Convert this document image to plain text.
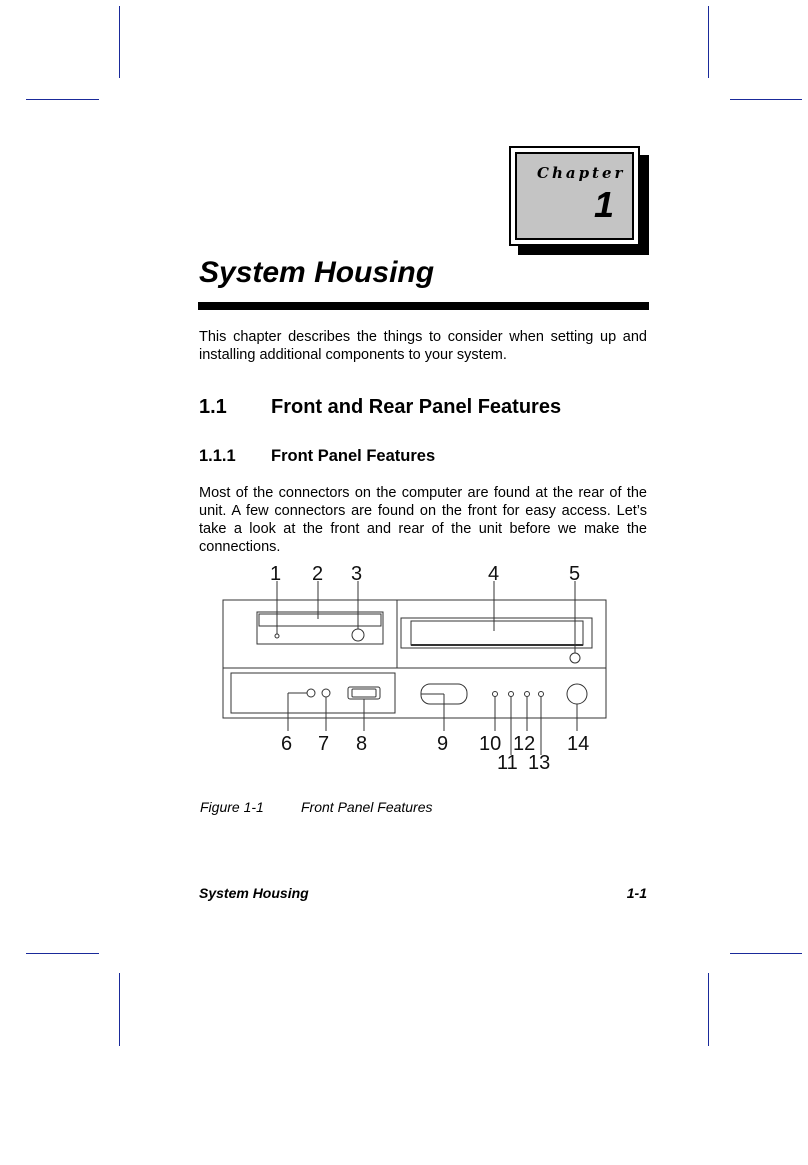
Chapter
1
System Housing

This chapter describes the things to consider when setting up and installing additional components to your system.

1.1 Front and Rear Panel Features
1.1.1 Front Panel Features

Most of the connectors on the computer are found at the rear of the unit. A few connectors are found on the front for easy access. Let’s take a look at the front and rear of the unit before we make the connections.

1 2 3	4	5
6 7 8	9 10 12 14
11 13

Figure 1-1	Front Panel Features

System Housing	1-1
